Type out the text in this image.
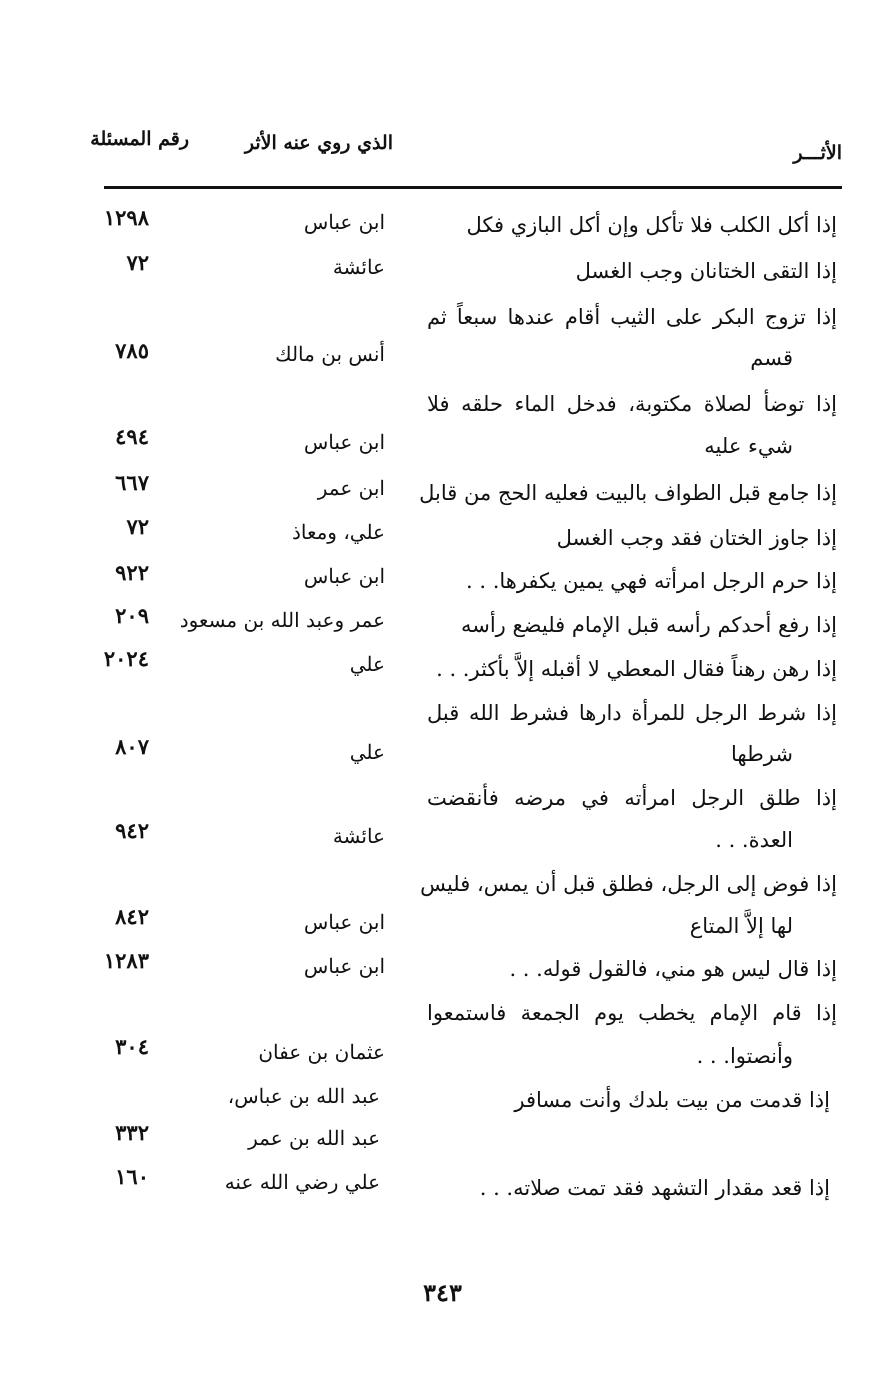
الأثـــر
الذي روي عنه الأثر
رقم المسئلة
إذا أكل الكلب فلا تأكل وإن أكل البازي فكل
ابن عباس
١٢٩٨
إذا التقى الختانان وجب الغسل
عائشة
٧٢
إذا تزوج البكر على الثيب أقام عندها سبعاً ثم
قسم
أنس بن مالك
٧٨٥
إذا توضأ لصلاة مكتوبة، فدخل الماء حلقه فلا
شيء عليه
ابن عباس
٤٩٤
إذا جامع قبل الطواف بالبيت فعليه الحج من قابل
ابن عمر
٦٦٧
إذا جاوز الختان فقد وجب الغسل
علي، ومعاذ
٧٢
إذا حرم الرجل امرأته فهي يمين يكفرها. . .
ابن عباس
٩٢٢
إذا رفع أحدكم رأسه قبل الإمام فليضع رأسه
عمر وعبد الله بن مسعود
٢٠٩
إذا رهن رهناً فقال المعطي لا أقبله إلاَّ بأكثر. . .
علي
٢٠٢٤
إذا شرط الرجل للمرأة دارها فشرط الله قبل
شرطها
علي
٨٠٧
إذا طلق الرجل امرأته في مرضه فأنقضت
العدة. . .
عائشة
٩٤٢
إذا فوض إلى الرجل، فطلق قبل أن يمس، فليس
لها إلاَّ المتاع
ابن عباس
٨٤٢
إذا قال ليس هو مني، فالقول قوله. . .
ابن عباس
١٢٨٣
إذا قام الإمام يخطب يوم الجمعة فاستمعوا
وأنصتوا. . .
عثمان بن عفان
٣٠٤
إذا قدمت من بيت بلدك وأنت مسافر
عبد الله بن عباس،
عبد الله بن عمر
٣٣٢
إذا قعد مقدار التشهد فقد تمت صلاته. . .
علي رضي الله عنه
١٦٠
٣٤٣
